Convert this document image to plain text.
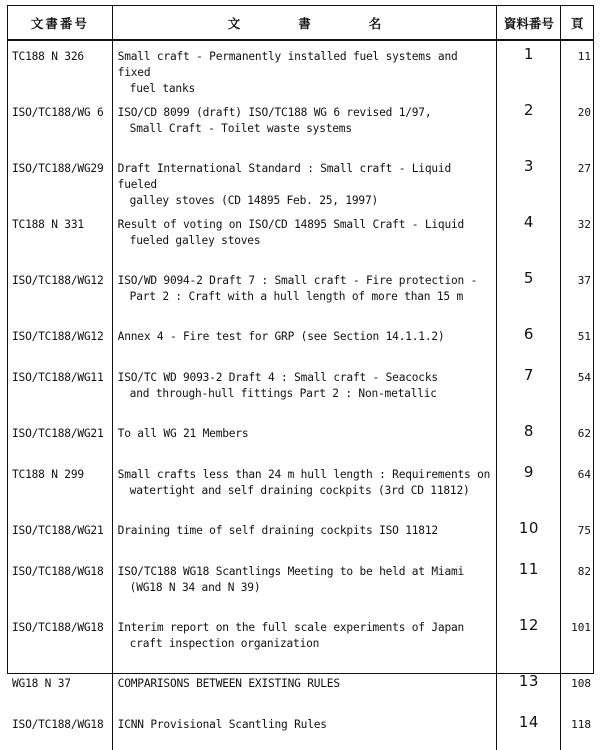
文書番号	文書名	資料番号	頁
TC188 N 326	Small craft - Permanently installed fuel systems and fixed
fuel tanks	1	11
ISO/TC188/WG 6	ISO/CD 8099 (draft) ISO/TC188 WG 6 revised 1/97,
Small Craft - Toilet waste systems	2	20
ISO/TC188/WG29	Draft International Standard : Small craft - Liquid fueled
galley stoves (CD 14895 Feb. 25, 1997)	3	27
TC188 N 331	Result of voting on ISO/CD 14895 Small Craft - Liquid
fueled galley stoves	4	32
ISO/TC188/WG12	ISO/WD 9094-2 Draft 7 : Small craft - Fire protection -
Part 2 : Craft with a hull length of more than 15 m	5	37
ISO/TC188/WG12	Annex 4 - Fire test for GRP (see Section 14.1.1.2)	6	51
ISO/TC188/WG11	ISO/TC WD 9093-2 Draft 4 : Small craft - Seacocks
and through-hull fittings Part 2 : Non-metallic	7	54
ISO/TC188/WG21	To all WG 21 Members	8	62
TC188 N 299	Small crafts less than 24 m hull length : Requirements on
watertight and self draining cockpits (3rd CD 11812)	9	64
ISO/TC188/WG21	Draining time of self draining cockpits ISO 11812	10	75
ISO/TC188/WG18	ISO/TC188 WG18 Scantlings Meeting to be held at Miami
(WG18 N 34 and N 39)	11	82
ISO/TC188/WG18	Interim report on the full scale experiments of Japan
craft inspection organization	12	101
WG18 N 37	COMPARISONS BETWEEN EXISTING RULES	13	108
ISO/TC188/WG18	ICNN Provisional Scantling Rules	14	118
